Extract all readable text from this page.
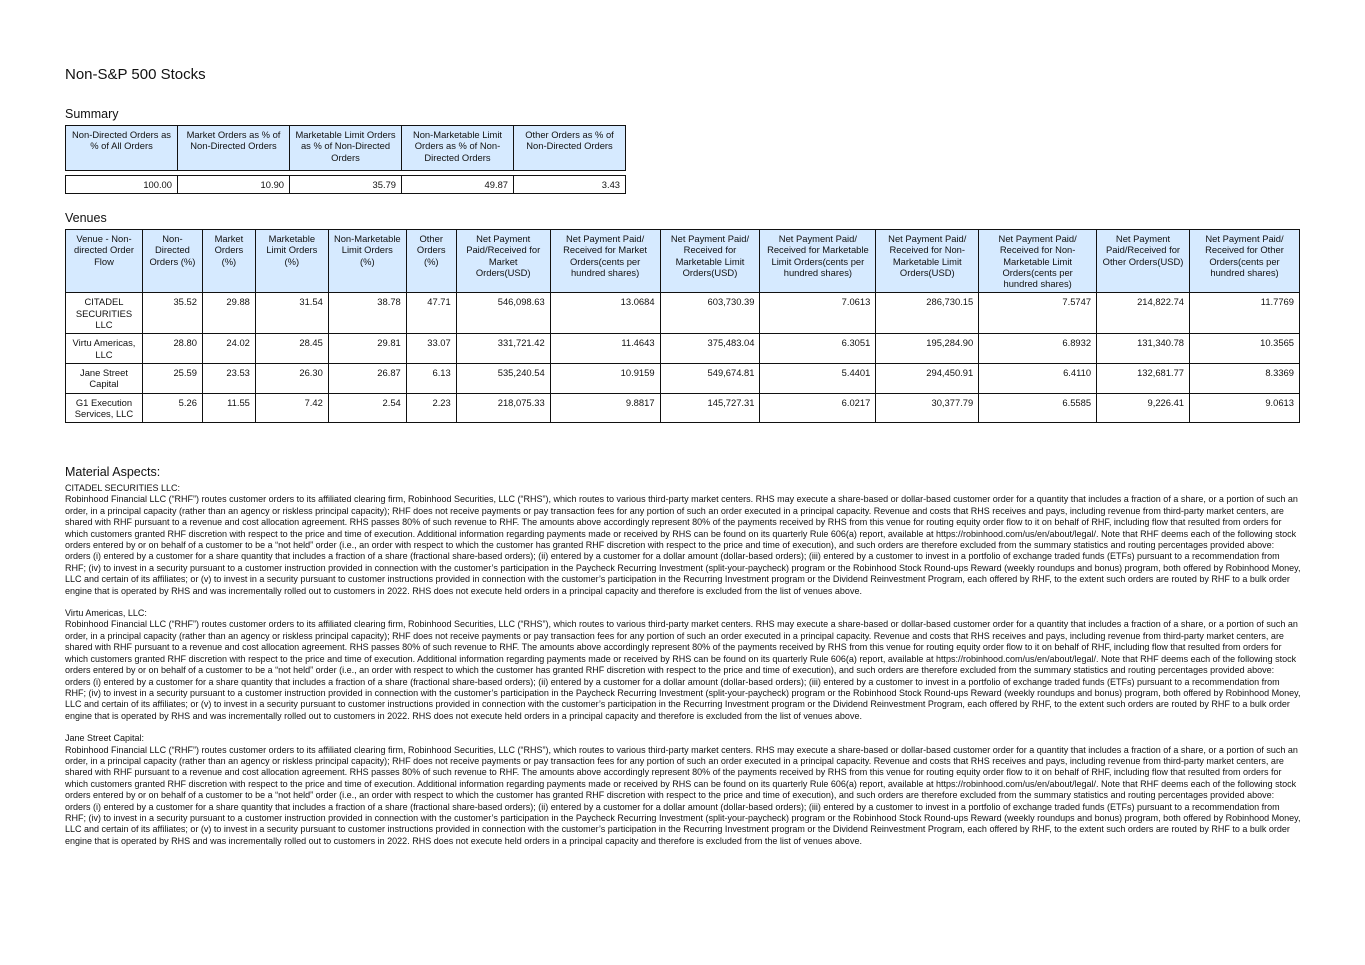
Non-S&P 500 Stocks
Summary
Non-Directed Orders as % of All Orders	Market Orders as % of Non-Directed Orders	Marketable Limit Orders as % of Non-Directed Orders	Non-Marketable Limit Orders as % of Non-Directed Orders	Other Orders as % of Non-Directed Orders

100.00	10.90	35.79	49.87	3.43
Venues
Venue - Non-directed Order Flow	Non-Directed Orders (%)	Market Orders (%)	Marketable Limit Orders (%)	Non-Marketable Limit Orders (%)	Other Orders (%)	Net Payment Paid/Received for Market Orders(USD)	Net Payment Paid/ Received for Market Orders(cents per hundred shares)	Net Payment Paid/ Received for Marketable Limit Orders(USD)	Net Payment Paid/ Received for Marketable Limit Orders(cents per hundred shares)	Net Payment Paid/ Received for Non-Marketable Limit Orders(USD)	Net Payment Paid/ Received for Non-Marketable Limit Orders(cents per hundred shares)	Net Payment Paid/Received for Other Orders(USD)	Net Payment Paid/ Received for Other Orders(cents per hundred shares)
CITADEL SECURITIES LLC	35.52	29.88	31.54	38.78	47.71	546,098.63	13.0684	603,730.39	7.0613	286,730.15	7.5747	214,822.74	11.7769
Virtu Americas, LLC	28.80	24.02	28.45	29.81	33.07	331,721.42	11.4643	375,483.04	6.3051	195,284.90	6.8932	131,340.78	10.3565
Jane Street Capital	25.59	23.53	26.30	26.87	6.13	535,240.54	10.9159	549,674.81	5.4401	294,450.91	6.4110	132,681.77	8.3369
G1 Execution Services, LLC	5.26	11.55	7.42	2.54	2.23	218,075.33	9.8817	145,727.31	6.0217	30,377.79	6.5585	9,226.41	9.0613
Material Aspects:

CITADEL SECURITIES LLC:

Robinhood Financial LLC (“RHF”) routes customer orders to its affiliated clearing firm, Robinhood Securities, LLC (“RHS”), which routes to various third-party market centers. RHS may execute a share-based or dollar-based customer order for a quantity that includes a fraction of a share, or a portion of such an order, in a principal capacity (rather than an agency or riskless principal capacity); RHF does not receive payments or pay transaction fees for any portion of such an order executed in a principal capacity. Revenue and costs that RHS receives and pays, including revenue from third-party market centers, are shared with RHF pursuant to a revenue and cost allocation agreement. RHS passes 80% of such revenue to RHF. The amounts above accordingly represent 80% of the payments received by RHS from this venue for routing equity order flow to it on behalf of RHF, including flow that resulted from orders for which customers granted RHF discretion with respect to the price and time of execution. Additional information regarding payments made or received by RHS can be found on its quarterly Rule 606(a) report, available at https://robinhood.com/us/en/about/legal/. Note that RHF deems each of the following stock orders entered by or on behalf of a customer to be a “not held” order (i.e., an order with respect to which the customer has granted RHF discretion with respect to the price and time of execution), and such orders are therefore excluded from the summary statistics and routing percentages provided above: orders (i) entered by a customer for a share quantity that includes a fraction of a share (fractional share-based orders); (ii) entered by a customer for a dollar amount (dollar-based orders); (iii) entered by a customer to invest in a portfolio of exchange traded funds (ETFs) pursuant to a recommendation from RHF; (iv) to invest in a security pursuant to a customer instruction provided in connection with the customer’s participation in the Paycheck Recurring Investment (split-your-paycheck) program or the Robinhood Stock Round-ups Reward (weekly roundups and bonus) program, both offered by Robinhood Money, LLC and certain of its affiliates; or (v) to invest in a security pursuant to customer instructions provided in connection with the customer’s participation in the Recurring Investment program or the Dividend Reinvestment Program, each offered by RHF, to the extent such orders are routed by RHF to a bulk order engine that is operated by RHS and was incrementally rolled out to customers in 2022. RHS does not execute held orders in a principal capacity and therefore is excluded from the list of venues above.

Virtu Americas, LLC:

Robinhood Financial LLC (“RHF”) routes customer orders to its affiliated clearing firm, Robinhood Securities, LLC (“RHS”), which routes to various third-party market centers. RHS may execute a share-based or dollar-based customer order for a quantity that includes a fraction of a share, or a portion of such an order, in a principal capacity (rather than an agency or riskless principal capacity); RHF does not receive payments or pay transaction fees for any portion of such an order executed in a principal capacity. Revenue and costs that RHS receives and pays, including revenue from third-party market centers, are shared with RHF pursuant to a revenue and cost allocation agreement. RHS passes 80% of such revenue to RHF. The amounts above accordingly represent 80% of the payments received by RHS from this venue for routing equity order flow to it on behalf of RHF, including flow that resulted from orders for which customers granted RHF discretion with respect to the price and time of execution. Additional information regarding payments made or received by RHS can be found on its quarterly Rule 606(a) report, available at https://robinhood.com/us/en/about/legal/. Note that RHF deems each of the following stock orders entered by or on behalf of a customer to be a “not held” order (i.e., an order with respect to which the customer has granted RHF discretion with respect to the price and time of execution), and such orders are therefore excluded from the summary statistics and routing percentages provided above: orders (i) entered by a customer for a share quantity that includes a fraction of a share (fractional share-based orders); (ii) entered by a customer for a dollar amount (dollar-based orders); (iii) entered by a customer to invest in a portfolio of exchange traded funds (ETFs) pursuant to a recommendation from RHF; (iv) to invest in a security pursuant to a customer instruction provided in connection with the customer’s participation in the Paycheck Recurring Investment (split-your-paycheck) program or the Robinhood Stock Round-ups Reward (weekly roundups and bonus) program, both offered by Robinhood Money, LLC and certain of its affiliates; or (v) to invest in a security pursuant to customer instructions provided in connection with the customer’s participation in the Recurring Investment program or the Dividend Reinvestment Program, each offered by RHF, to the extent such orders are routed by RHF to a bulk order engine that is operated by RHS and was incrementally rolled out to customers in 2022. RHS does not execute held orders in a principal capacity and therefore is excluded from the list of venues above.

Jane Street Capital:

Robinhood Financial LLC (“RHF”) routes customer orders to its affiliated clearing firm, Robinhood Securities, LLC (“RHS”), which routes to various third-party market centers. RHS may execute a share-based or dollar-based customer order for a quantity that includes a fraction of a share, or a portion of such an order, in a principal capacity (rather than an agency or riskless principal capacity); RHF does not receive payments or pay transaction fees for any portion of such an order executed in a principal capacity. Revenue and costs that RHS receives and pays, including revenue from third-party market centers, are shared with RHF pursuant to a revenue and cost allocation agreement. RHS passes 80% of such revenue to RHF. The amounts above accordingly represent 80% of the payments received by RHS from this venue for routing equity order flow to it on behalf of RHF, including flow that resulted from orders for which customers granted RHF discretion with respect to the price and time of execution. Additional information regarding payments made or received by RHS can be found on its quarterly Rule 606(a) report, available at https://robinhood.com/us/en/about/legal/. Note that RHF deems each of the following stock orders entered by or on behalf of a customer to be a “not held” order (i.e., an order with respect to which the customer has granted RHF discretion with respect to the price and time of execution), and such orders are therefore excluded from the summary statistics and routing percentages provided above: orders (i) entered by a customer for a share quantity that includes a fraction of a share (fractional share-based orders); (ii) entered by a customer for a dollar amount (dollar-based orders); (iii) entered by a customer to invest in a portfolio of exchange traded funds (ETFs) pursuant to a recommendation from RHF; (iv) to invest in a security pursuant to a customer instruction provided in connection with the customer’s participation in the Paycheck Recurring Investment (split-your-paycheck) program or the Robinhood Stock Round-ups Reward (weekly roundups and bonus) program, both offered by Robinhood Money, LLC and certain of its affiliates; or (v) to invest in a security pursuant to customer instructions provided in connection with the customer’s participation in the Recurring Investment program or the Dividend Reinvestment Program, each offered by RHF, to the extent such orders are routed by RHF to a bulk order engine that is operated by RHS and was incrementally rolled out to customers in 2022. RHS does not execute held orders in a principal capacity and therefore is excluded from the list of venues above.
